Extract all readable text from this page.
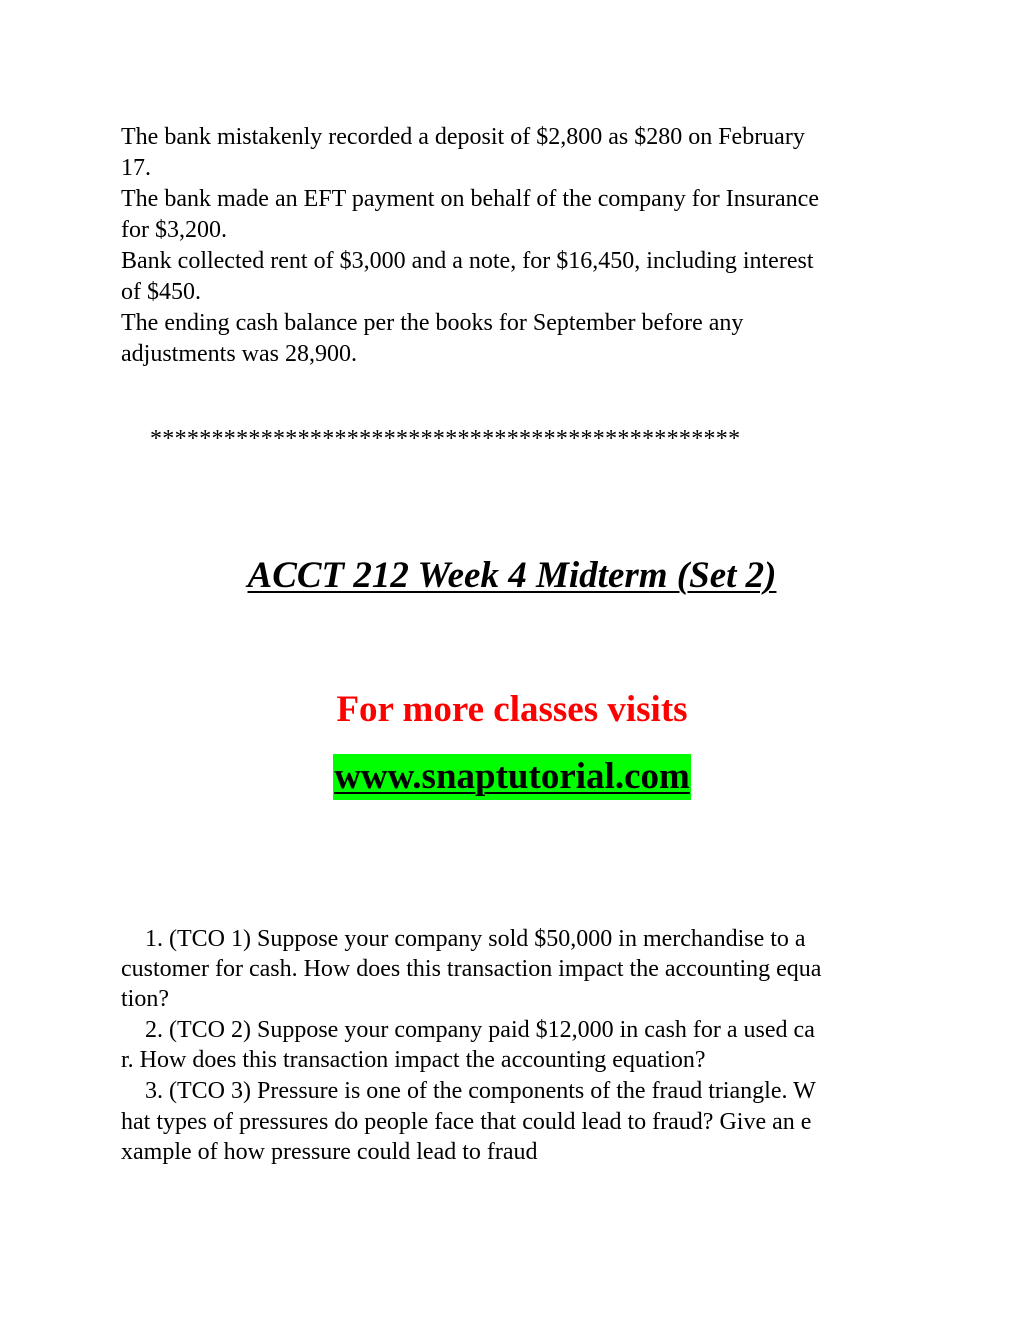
The bank mistakenly recorded a deposit of $2,800 as $280 on February
17.
The bank made an EFT payment on behalf of the company for Insurance
for $3,200.
Bank collected rent of $3,000 and a note, for $16,450, including interest
of $450.
The ending cash balance per the books for September before any
adjustments was 28,900.
************************************************
ACCT 212 Week 4 Midterm (Set 2)
For more classes visits
www.snaptutorial.com
1. (TCO 1) Suppose your company sold $50,000 in merchandise to a
customer for cash. How does this transaction impact the accounting equa
tion?
2. (TCO 2) Suppose your company paid $12,000 in cash for a used ca
r. How does this transaction impact the accounting equation?
3. (TCO 3) Pressure is one of the components of the fraud triangle. W
hat types of pressures do people face that could lead to fraud? Give an e
xample of how pressure could lead to fraud
